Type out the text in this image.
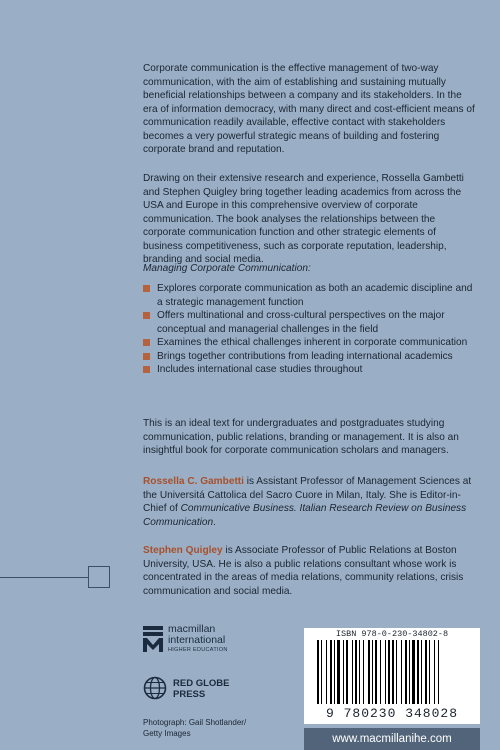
Corporate communication is the effective management of two-way communication, with the aim of establishing and sustaining mutually beneficial relationships between a company and its stakeholders. In the era of information democracy, with many direct and cost-efficient means of communication readily available, effective contact with stakeholders becomes a very powerful strategic means of building and fostering corporate brand and reputation.

Drawing on their extensive research and experience, Rossella Gambetti and Stephen Quigley bring together leading academics from across the USA and Europe in this comprehensive overview of corporate communication. The book analyses the relationships between the corporate communication function and other strategic elements of business competitiveness, such as corporate reputation, leadership, branding and social media.

Managing Corporate Communication:
Explores corporate communication as both an academic discipline and a strategic management function
Offers multinational and cross-cultural perspectives on the major conceptual and managerial challenges in the field
Examines the ethical challenges inherent in corporate communication
Brings together contributions from leading international academics
Includes international case studies throughout

This is an ideal text for undergraduates and postgraduates studying communication, public relations, branding or management. It is also an insightful book for corporate communication scholars and managers.

Rossella C. Gambetti is Assistant Professor of Management Sciences at the Universitá Cattolica del Sacro Cuore in Milan, Italy. She is Editor-in-Chief of Communicative Business. Italian Research Review on Business Communication.

Stephen Quigley is Associate Professor of Public Relations at Boston University, USA. He is also a public relations consultant whose work is concentrated in the areas of media relations, community relations, crisis communication and social media.

macmillan
international
HIGHER EDUCATION
RED GLOBE
PRESS
Photograph: Gail Shotlander/
Getty Images
ISBN 978-0-230-34802-8
9 780230 348028
www.macmillanihe.com
